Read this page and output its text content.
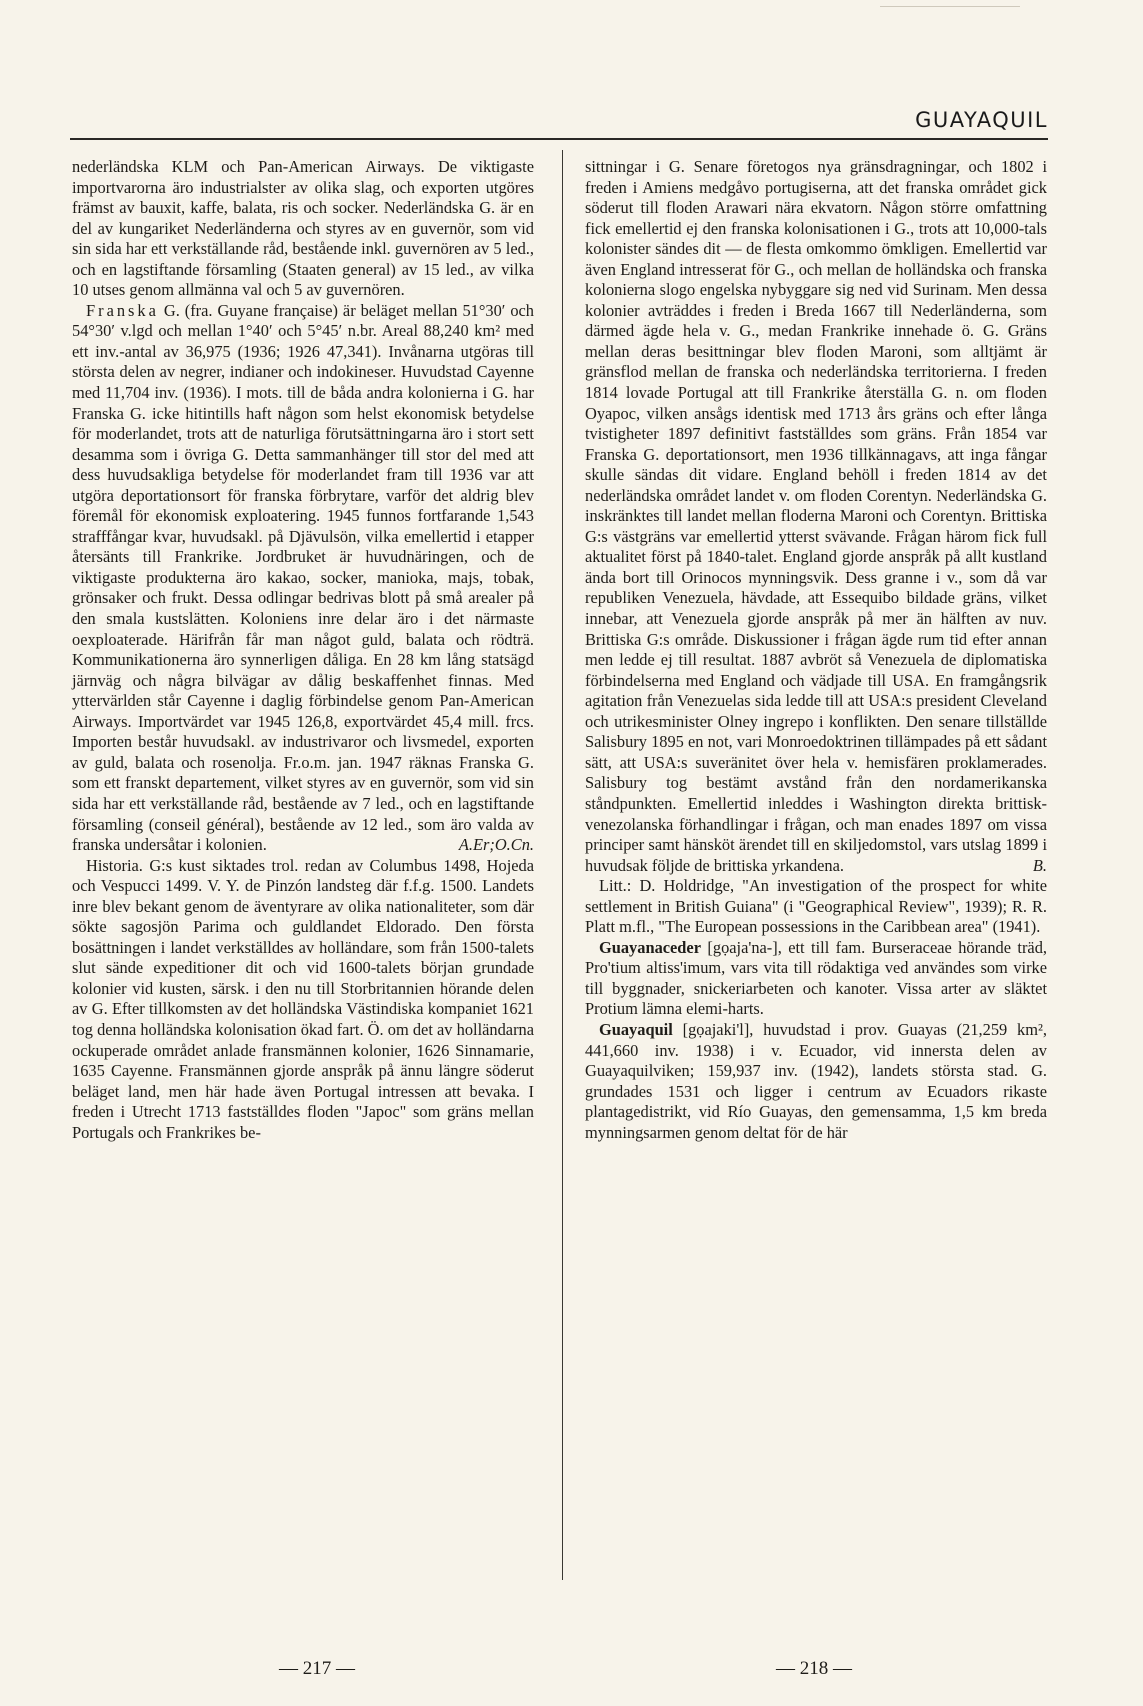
GUAYAQUIL

nederländska KLM och Pan-American Airways. De viktigaste importvarorna äro industrialster av olika slag, och exporten utgöres främst av bauxit, kaffe, balata, ris och socker. Nederländska G. är en del av kungariket Nederländerna och styres av en guvernör, som vid sin sida har ett verkställande råd, bestående inkl. guvernören av 5 led., och en lagstiftande församling (Staaten general) av 15 led., av vilka 10 utses genom allmänna val och 5 av guvernören.

Franska G. (fra. Guyane française) är beläget mellan 51°30′ och 54°30′ v.lgd och mellan 1°40′ och 5°45′ n.br. Areal 88,240 km² med ett inv.-antal av 36,975 (1936; 1926 47,341). Invånarna utgöras till största delen av negrer, indianer och indokineser. Huvudstad Cayenne med 11,704 inv. (1936). I mots. till de båda andra kolonierna i G. har Franska G. icke hitintills haft någon som helst ekonomisk betydelse för moderlandet, trots att de naturliga förutsättningarna äro i stort sett desamma som i övriga G. Detta sammanhänger till stor del med att dess huvudsakliga betydelse för moderlandet fram till 1936 var att utgöra deportationsort för franska förbrytare, varför det aldrig blev föremål för ekonomisk exploatering. 1945 funnos fortfarande 1,543 strafffångar kvar, huvudsakl. på Djävulsön, vilka emellertid i etapper återsänts till Frankrike. Jordbruket är huvudnäringen, och de viktigaste produkterna äro kakao, socker, manioka, majs, tobak, grönsaker och frukt. Dessa odlingar bedrivas blott på små arealer på den smala kustslätten. Koloniens inre delar äro i det närmaste oexploaterade. Härifrån får man något guld, balata och rödträ. Kommunikationerna äro synnerligen dåliga. En 28 km lång statsägd järnväg och några bilvägar av dålig beskaffenhet finnas. Med yttervärlden står Cayenne i daglig förbindelse genom Pan-American Airways. Importvärdet var 1945 126,8, exportvärdet 45,4 mill. frcs. Importen består huvudsakl. av industrivaror och livsmedel, exporten av guld, balata och rosenolja. Fr.o.m. jan. 1947 räknas Franska G. som ett franskt departement, vilket styres av en guvernör, som vid sin sida har ett verkställande råd, bestående av 7 led., och en lagstiftande församling (conseil général), bestående av 12 led., som äro valda av franska undersåtar i kolonien.	A.Er;O.Cn.

Historia. G:s kust siktades trol. redan av Columbus 1498, Hojeda och Vespucci 1499. V. Y. de Pinzón landsteg där f.f.g. 1500. Landets inre blev bekant genom de äventyrare av olika nationaliteter, som där sökte sagosjön Parima och guldlandet Eldorado. Den första bosättningen i landet verkställdes av holländare, som från 1500-talets slut sände expeditioner dit och vid 1600-talets början grundade kolonier vid kusten, särsk. i den nu till Storbritannien hörande delen av G. Efter tillkomsten av det holländska Västindiska kompaniet 1621 tog denna holländska kolonisation ökad fart. Ö. om det av holländarna ockuperade området anlade fransmännen kolonier, 1626 Sinnamarie, 1635 Cayenne. Fransmännen gjorde anspråk på ännu längre söderut beläget land, men här hade även Portugal intressen att bevaka. I freden i Utrecht 1713 fastställdes floden "Japoc" som gräns mellan Portugals och Frankrikes be-

sittningar i G. Senare företogos nya gränsdragningar, och 1802 i freden i Amiens medgåvo portugiserna, att det franska området gick söderut till floden Arawari nära ekvatorn. Någon större omfattning fick emellertid ej den franska kolonisationen i G., trots att 10,000-tals kolonister sändes dit — de flesta omkommo ömkligen. Emellertid var även England intresserat för G., och mellan de holländska och franska kolonierna slogo engelska nybyggare sig ned vid Surinam. Men dessa kolonier avträddes i freden i Breda 1667 till Nederländerna, som därmed ägde hela v. G., medan Frankrike innehade ö. G. Gräns mellan deras besittningar blev floden Maroni, som alltjämt är gränsflod mellan de franska och nederländska territorierna. I freden 1814 lovade Portugal att till Frankrike återställa G. n. om floden Oyapoc, vilken ansågs identisk med 1713 års gräns och efter långa tvistigheter 1897 definitivt fastställdes som gräns. Från 1854 var Franska G. deportationsort, men 1936 tillkännagavs, att inga fångar skulle sändas dit vidare. England behöll i freden 1814 av det nederländska området landet v. om floden Corentyn. Nederländska G. inskränktes till landet mellan floderna Maroni och Corentyn. Brittiska G:s västgräns var emellertid ytterst svävande. Frågan härom fick full aktualitet först på 1840-talet. England gjorde anspråk på allt kustland ända bort till Orinocos mynningsvik. Dess granne i v., som då var republiken Venezuela, hävdade, att Essequibo bildade gräns, vilket innebar, att Venezuela gjorde anspråk på mer än hälften av nuv. Brittiska G:s område. Diskussioner i frågan ägde rum tid efter annan men ledde ej till resultat. 1887 avbröt så Venezuela de diplomatiska förbindelserna med England och vädjade till USA. En framgångsrik agitation från Venezuelas sida ledde till att USA:s president Cleveland och utrikesminister Olney ingrepo i konflikten. Den senare tillställde Salisbury 1895 en not, vari Monroedoktrinen tillämpades på ett sådant sätt, att USA:s suveränitet över hela v. hemisfären proklamerades. Salisbury tog bestämt avstånd från den nordamerikanska ståndpunkten. Emellertid inleddes i Washington direkta brittisk-venezolanska förhandlingar i frågan, och man enades 1897 om vissa principer samt hänsköt ärendet till en skiljedomstol, vars utslag 1899 i huvudsak följde de brittiska yrkandena.	B.

Litt.: D. Holdridge, "An investigation of the prospect for white settlement in British Guiana" (i "Geographical Review", 1939); R. R. Platt m.fl., "The European possessions in the Caribbean area" (1941).

Guayanaceder [gọaja'na-], ett till fam. Burseraceae hörande träd, Pro'tium altiss'imum, vars vita till rödaktiga ved användes som virke till byggnader, snickeriarbeten och kanoter. Vissa arter av släktet Protium lämna elemi-harts.

Guayaquil [gọajaki'l], huvudstad i prov. Guayas (21,259 km², 441,660 inv. 1938) i v. Ecuador, vid innersta delen av Guayaquilviken; 159,937 inv. (1942), landets största stad. G. grundades 1531 och ligger i centrum av Ecuadors rikaste plantagedistrikt, vid Río Guayas, den gemensamma, 1,5 km breda mynningsarmen genom deltat för de här

— 217 —	— 218 —
